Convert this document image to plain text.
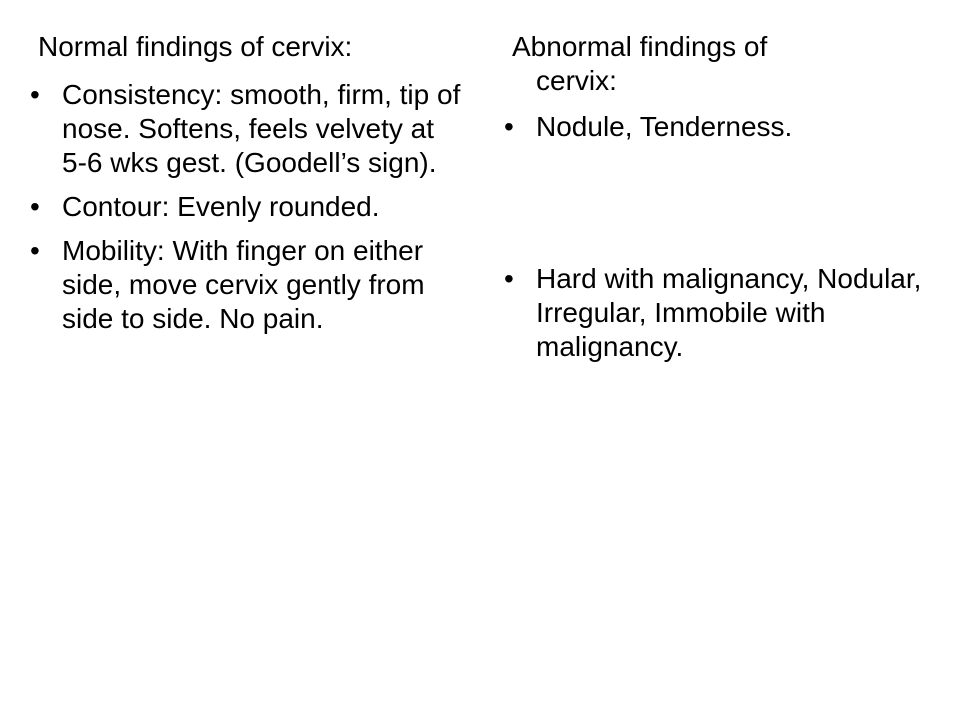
Normal findings of cervix:

• Consistency: smooth, firm, tip of nose. Softens, feels velvety at 5-6 wks gest. (Goodell’s sign).
• Contour: Evenly rounded.
• Mobility: With finger on either side, move cervix gently from side to side. No pain.

Abnormal findings of
cervix:

• Nodule, Tenderness.
• Hard with malignancy, Nodular, Irregular, Immobile with malignancy.
